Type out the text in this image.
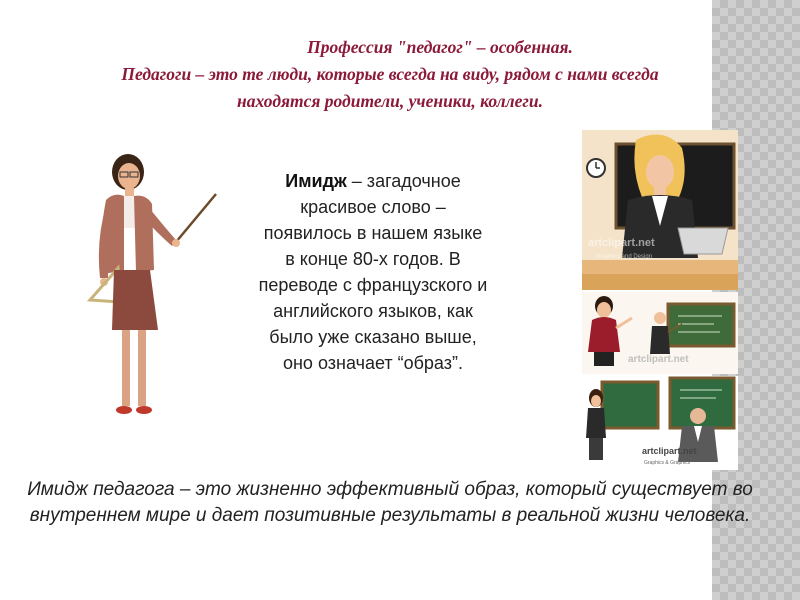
Профессия "педагог" – особенная.
Педагоги – это те люди, которые всегда на виду, рядом с нами всегда
находятся родители, ученики, коллеги.
Имидж – загадочное красивое слово – появилось в нашем языке в конце 80-х годов. В переводе с французского и английского языков, как было уже сказано выше, оно означает “образ”.
artclipart.net
Graphics and Design
artclipart.net
artclipart.net
Graphics & Graphics
Имидж педагога – это жизненно эффективный образ, который существует во внутреннем мире и дает позитивные результаты в реальной жизни человека.
